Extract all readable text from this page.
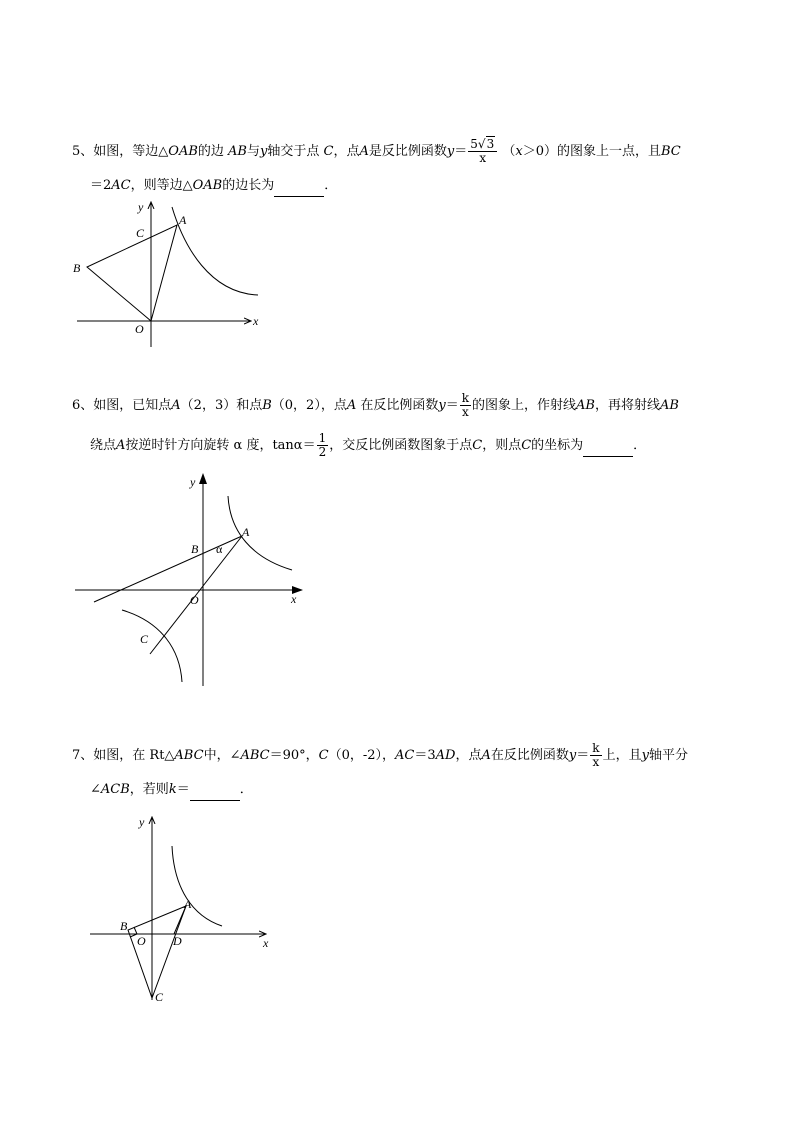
5、如图，等边△OAB的边 AB与y轴交于点 C，点A是反比例函数$y= \frac{5√3}{x} (x>0)$的图象上一点，且BC
＝2AC，则等边△OAB的边长为	．
y
x
A
C
B
O
6、如图，已知点A（2，3）和点B（0，2），点A 在反比例函数$y= \frac{k}{x}$ 的图象上，作射线AB，再将射线AB
绕点A按逆时针方向旋转 α 度，$\tan\alpha= \frac{1}{2}$ ，交反比例函数图象于点C，则点C的坐标为	．
y
x
A
B α
O
C
7、如图，在 Rt△ABC中，∠ABC＝90°，C（0，-2），AC＝3AD，点A在反比例函数$y= \frac{k}{x}$ 上，且y轴平分
∠ACB，若则k＝	．
y
x
A
B
O D
C
